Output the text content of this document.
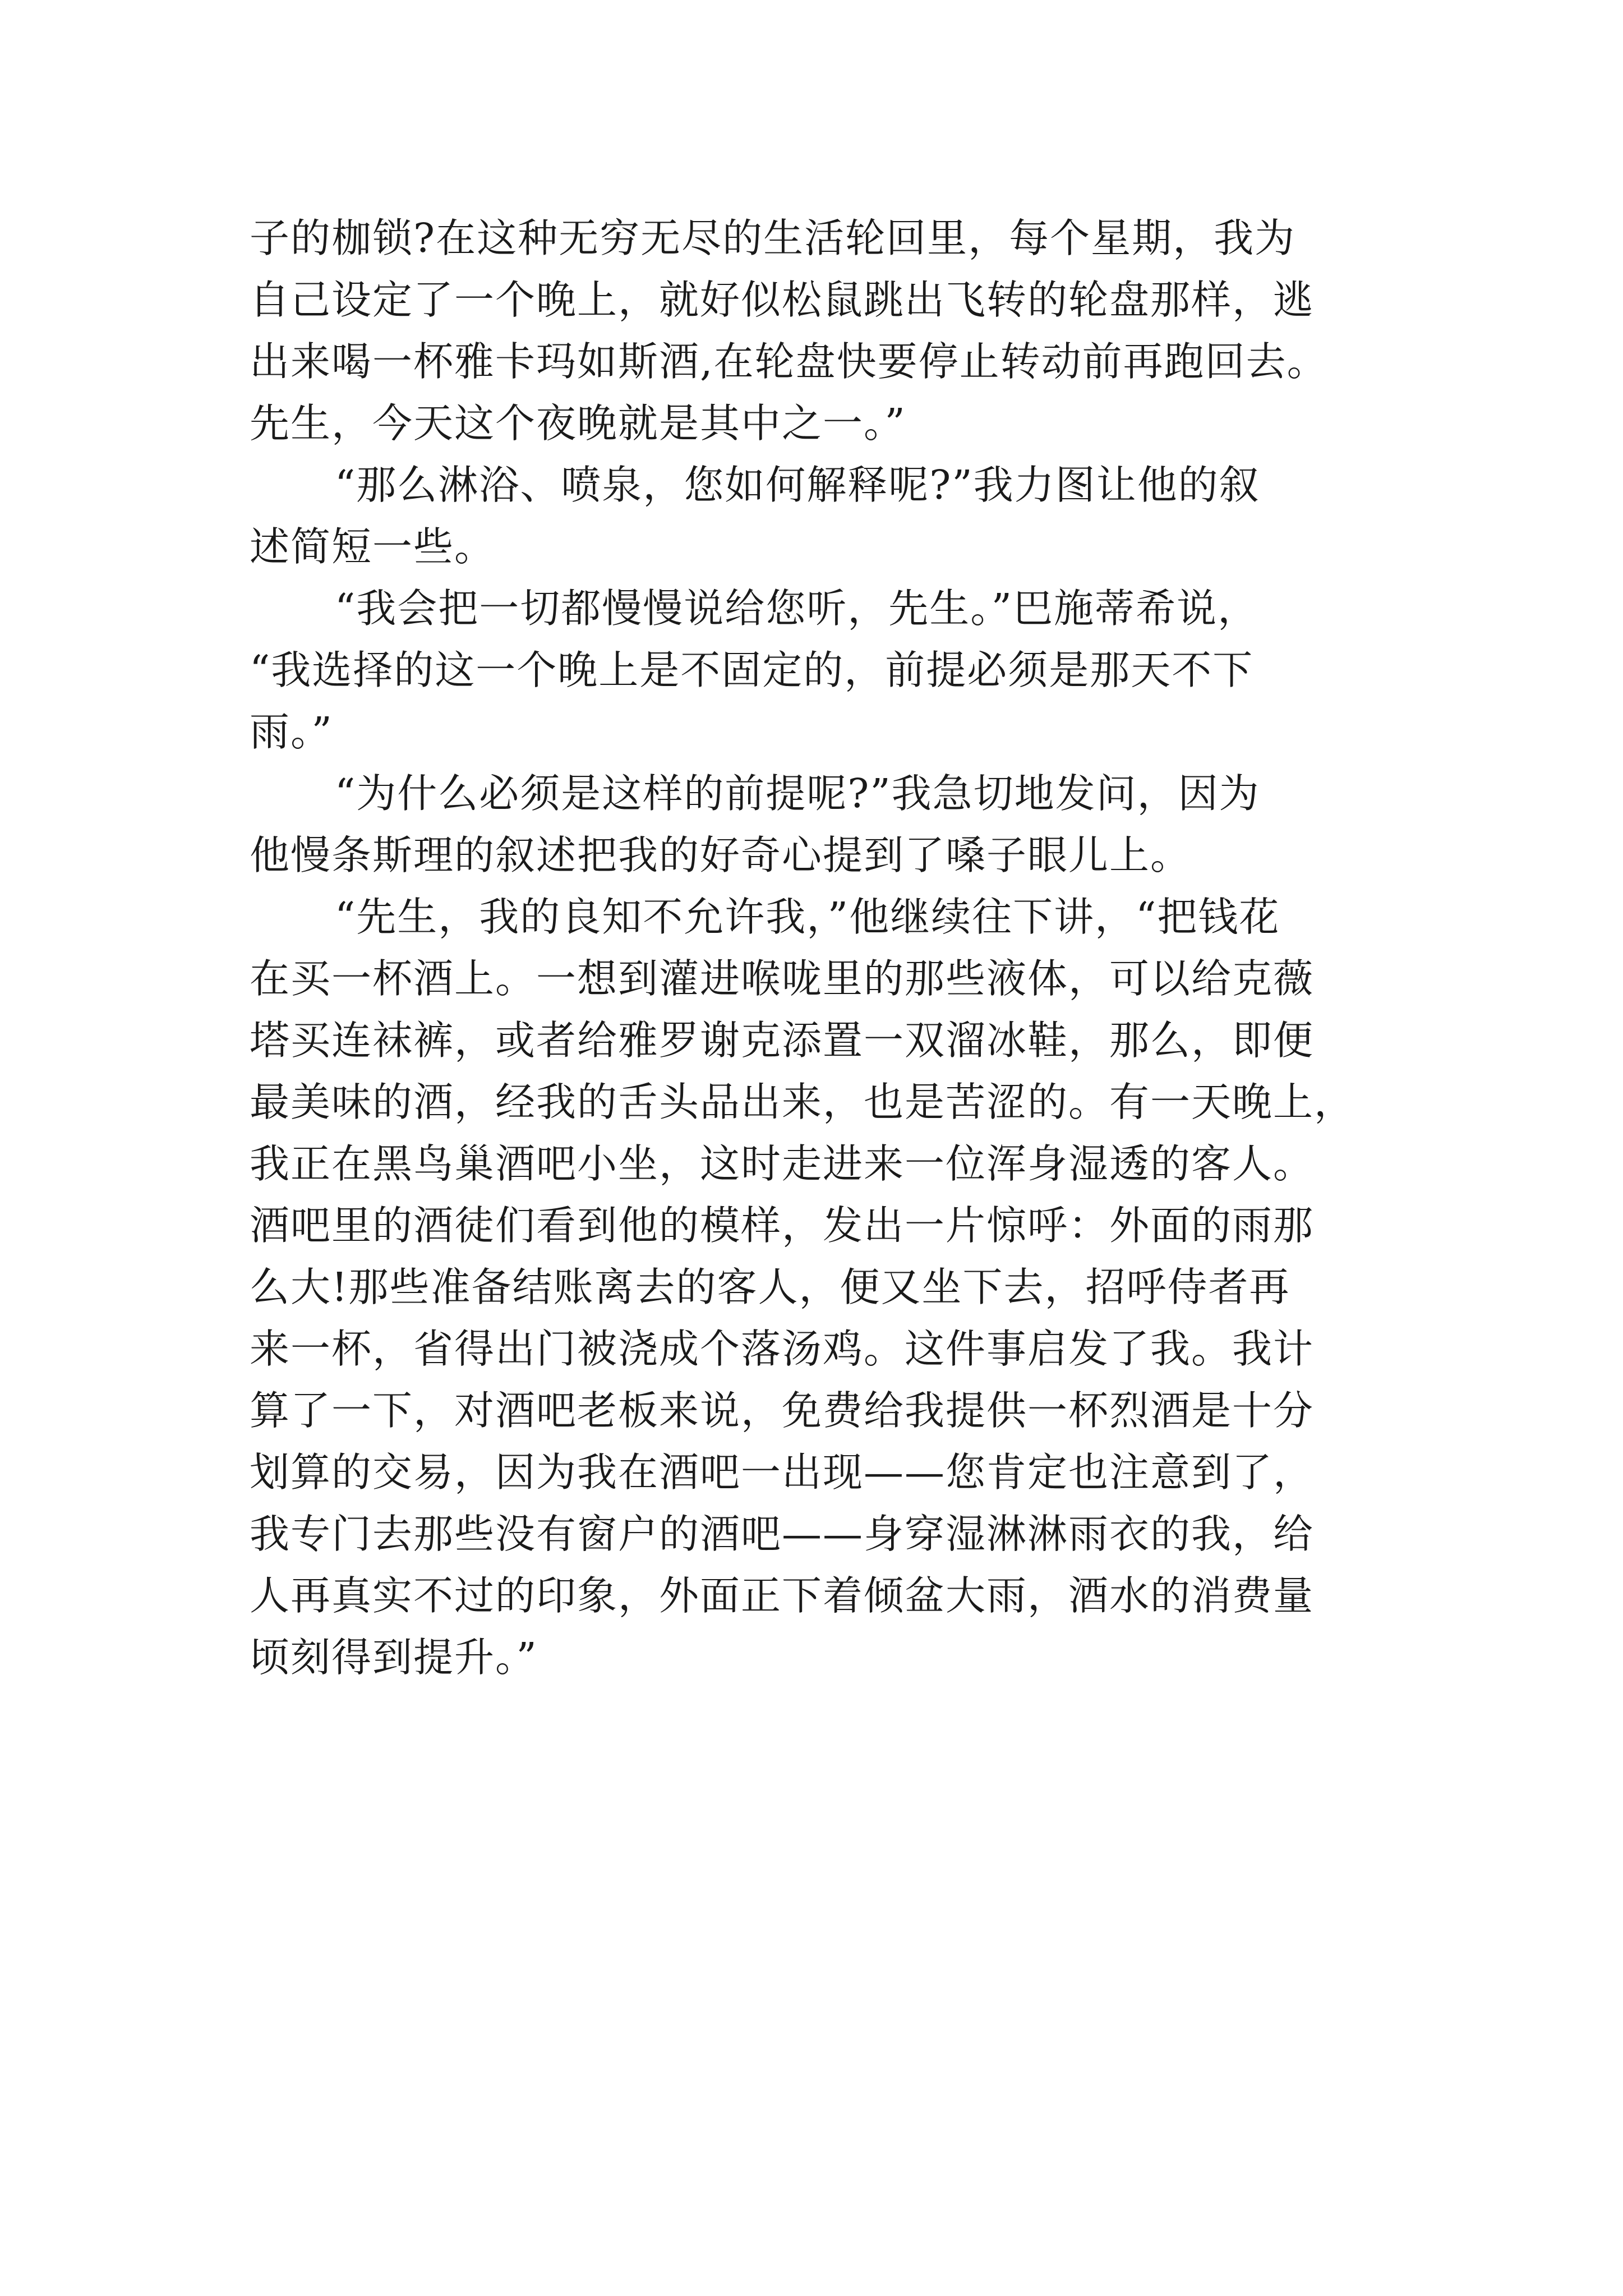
子的枷锁?在这种无穷无尽的生活轮回里，每个星期，我为
自己设定了一个晚上，就好似松鼠跳出飞转的轮盘那样，逃
出来喝一杯雅卡玛如斯酒,在轮盘快要停止转动前再跑回去。
先生，今天这个夜晚就是其中之一。”
“那么淋浴、喷泉，您如何解释呢?”我力图让他的叙
述简短一些。
“我会把一切都慢慢说给您听，先生。”巴施蒂希说，
“我选择的这一个晚上是不固定的，前提必须是那天不下
雨。”
“为什么必须是这样的前提呢?”我急切地发问，因为
他慢条斯理的叙述把我的好奇心提到了嗓子眼儿上。
“先生，我的良知不允许我，”他继续往下讲，“把钱花
在买一杯酒上。一想到灌进喉咙里的那些液体，可以给克薇
塔买连袜裤，或者给雅罗谢克添置一双溜冰鞋，那么，即便
最美味的酒，经我的舌头品出来，也是苦涩的。有一天晚上，
我正在黑鸟巢酒吧小坐，这时走进来一位浑身湿透的客人。
酒吧里的酒徒们看到他的模样，发出一片惊呼：外面的雨那
么大!那些准备结账离去的客人，便又坐下去，招呼侍者再
来一杯，省得出门被浇成个落汤鸡。这件事启发了我。我计
算了一下，对酒吧老板来说，免费给我提供一杯烈酒是十分
划算的交易，因为我在酒吧一出现——您肯定也注意到了，
我专门去那些没有窗户的酒吧——身穿湿淋淋雨衣的我，给
人再真实不过的印象，外面正下着倾盆大雨，酒水的消费量
顷刻得到提升。”
